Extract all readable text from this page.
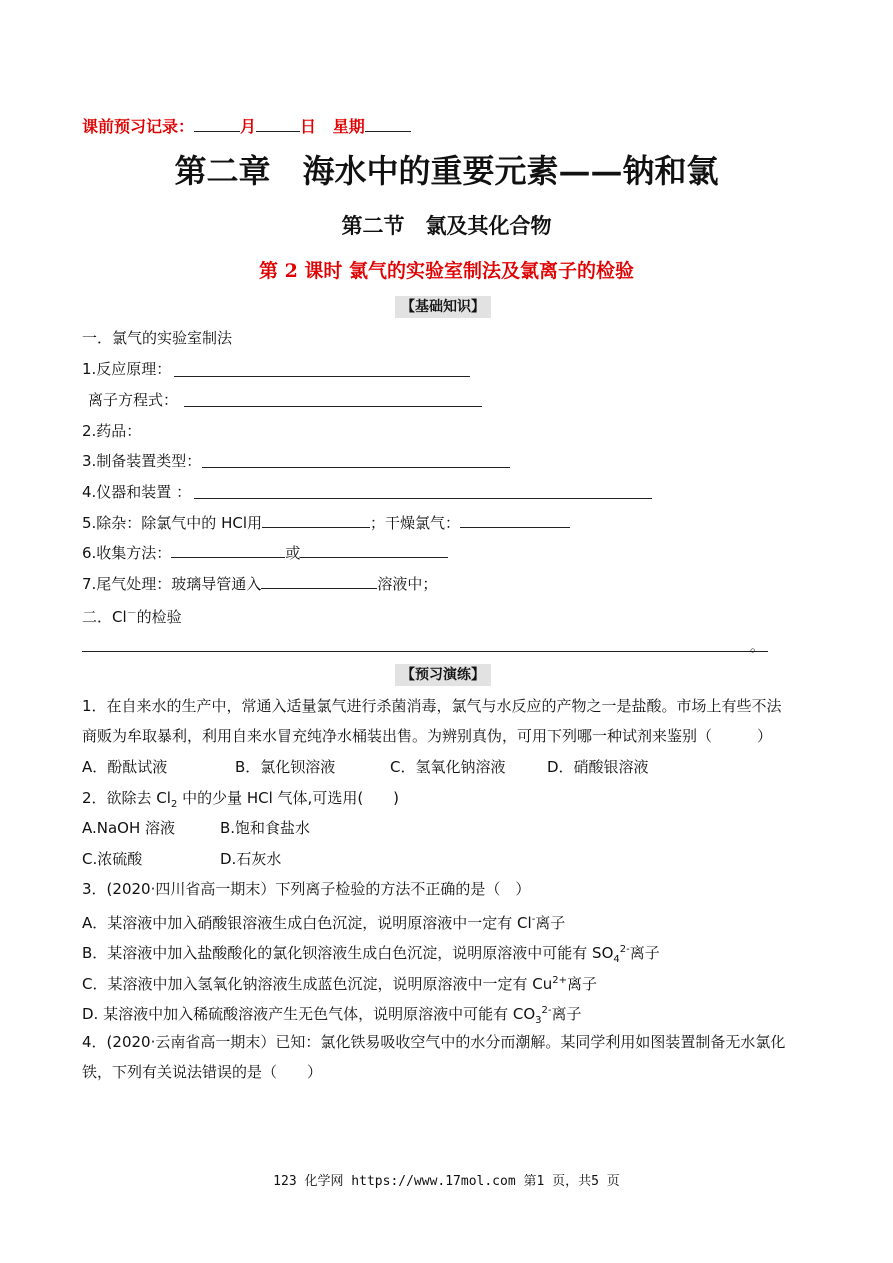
课前预习记录：	月	日 星期
第二章　海水中的重要元素——钠和氯
第二节　氯及其化合物
第 2 课时 氯气的实验室制法及氯离子的检验
【基础知识】
一．氯气的实验室制法
1.反应原理：
离子方程式：
2.药品：
3.制备装置类型：
4.仪器和装置 ：
5.除杂：除氯气中的 HCl用	；干燥氯气：
6.收集方法：	或
7.尾气处理：玻璃导管通入	溶液中；
二．Cl－的检验
。
【预习演练】
1．在自来水的生产中，常通入适量氯气进行杀菌消毒，氯气与水反应的产物之一是盐酸。市场上有些不法
商贩为牟取暴利，利用自来水冒充纯净水桶装出售。为辨别真伪，可用下列哪一种试剂来鉴别（　　　）
A．酚酞试液	B．氯化钡溶液	C．氢氧化钠溶液	D．硝酸银溶液
2．欲除去 $Cl_2$ 中的少量 HCl 气体,可选用(　　)
A.NaOH 溶液	B.饱和食盐水
C.浓硫酸	D.石灰水
3．(2020·四川省高一期末）下列离子检验的方法不正确的是（　）
A．某溶液中加入硝酸银溶液生成白色沉淀，说明原溶液中一定有 Cl-离子
B．某溶液中加入盐酸酸化的氯化钡溶液生成白色沉淀，说明原溶液中可能有 $SO_4^{2-}$离子
C．某溶液中加入氢氧化钠溶液生成蓝色沉淀，说明原溶液中一定有 $Cu^{2+}$离子
D. 某溶液中加入稀硫酸溶液产生无色气体，说明原溶液中可能有 $CO_3^{2-}$离子
4．(2020·云南省高一期末）已知：氯化铁易吸收空气中的水分而潮解。某同学利用如图装置制备无水氯化
铁，下列有关说法错误的是（　　）
123 化学网 https://www.17mol.com 第1 页，共5 页
